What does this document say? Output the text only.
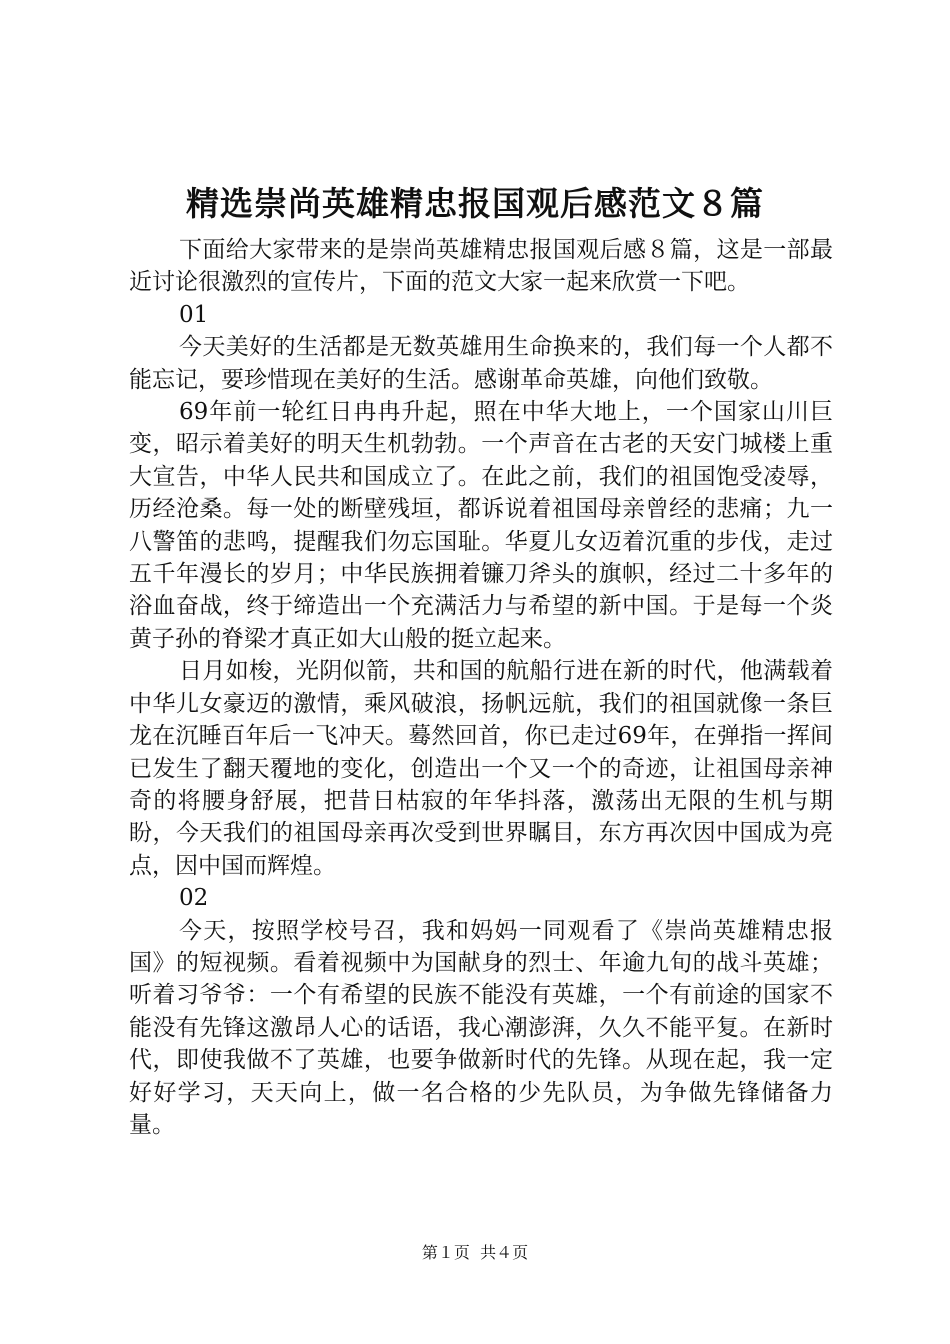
精选崇尚英雄精忠报国观后感范文８篇

下面给大家带来的是崇尚英雄精忠报国观后感８篇，这是一部最近讨论很激烈的宣传片，下面的范文大家一起来欣赏一下吧。

01

今天美好的生活都是无数英雄用生命换来的，我们每一个人都不能忘记，要珍惜现在美好的生活。感谢革命英雄，向他们致敬。

69年前一轮红日冉冉升起，照在中华大地上，一个国家山川巨变，昭示着美好的明天生机勃勃。一个声音在古老的天安门城楼上重大宣告，中华人民共和国成立了。在此之前，我们的祖国饱受凌辱，历经沧桑。每一处的断壁残垣，都诉说着祖国母亲曾经的悲痛；九一八警笛的悲鸣，提醒我们勿忘国耻。华夏儿女迈着沉重的步伐，走过五千年漫长的岁月；中华民族拥着镰刀斧头的旗帜，经过二十多年的浴血奋战，终于缔造出一个充满活力与希望的新中国。于是每一个炎黄子孙的脊梁才真正如大山般的挺立起来。

日月如梭，光阴似箭，共和国的航船行进在新的时代，他满载着中华儿女豪迈的激情，乘风破浪，扬帆远航，我们的祖国就像一条巨龙在沉睡百年后一飞冲天。蓦然回首，你已走过69年，在弹指一挥间已发生了翻天覆地的变化，创造出一个又一个的奇迹，让祖国母亲神奇的将腰身舒展，把昔日枯寂的年华抖落，激荡出无限的生机与期盼，今天我们的祖国母亲再次受到世界瞩目，东方再次因中国成为亮点，因中国而辉煌。

02

今天，按照学校号召，我和妈妈一同观看了《崇尚英雄精忠报国》的短视频。看着视频中为国献身的烈士、年逾九旬的战斗英雄；听着习爷爷：一个有希望的民族不能没有英雄，一个有前途的国家不能没有先锋这激昂人心的话语，我心潮澎湃，久久不能平复。在新时代，即使我做不了英雄，也要争做新时代的先锋。从现在起，我一定好好学习，天天向上，做一名合格的少先队员，为争做先锋储备力量。

第１页 共４页
